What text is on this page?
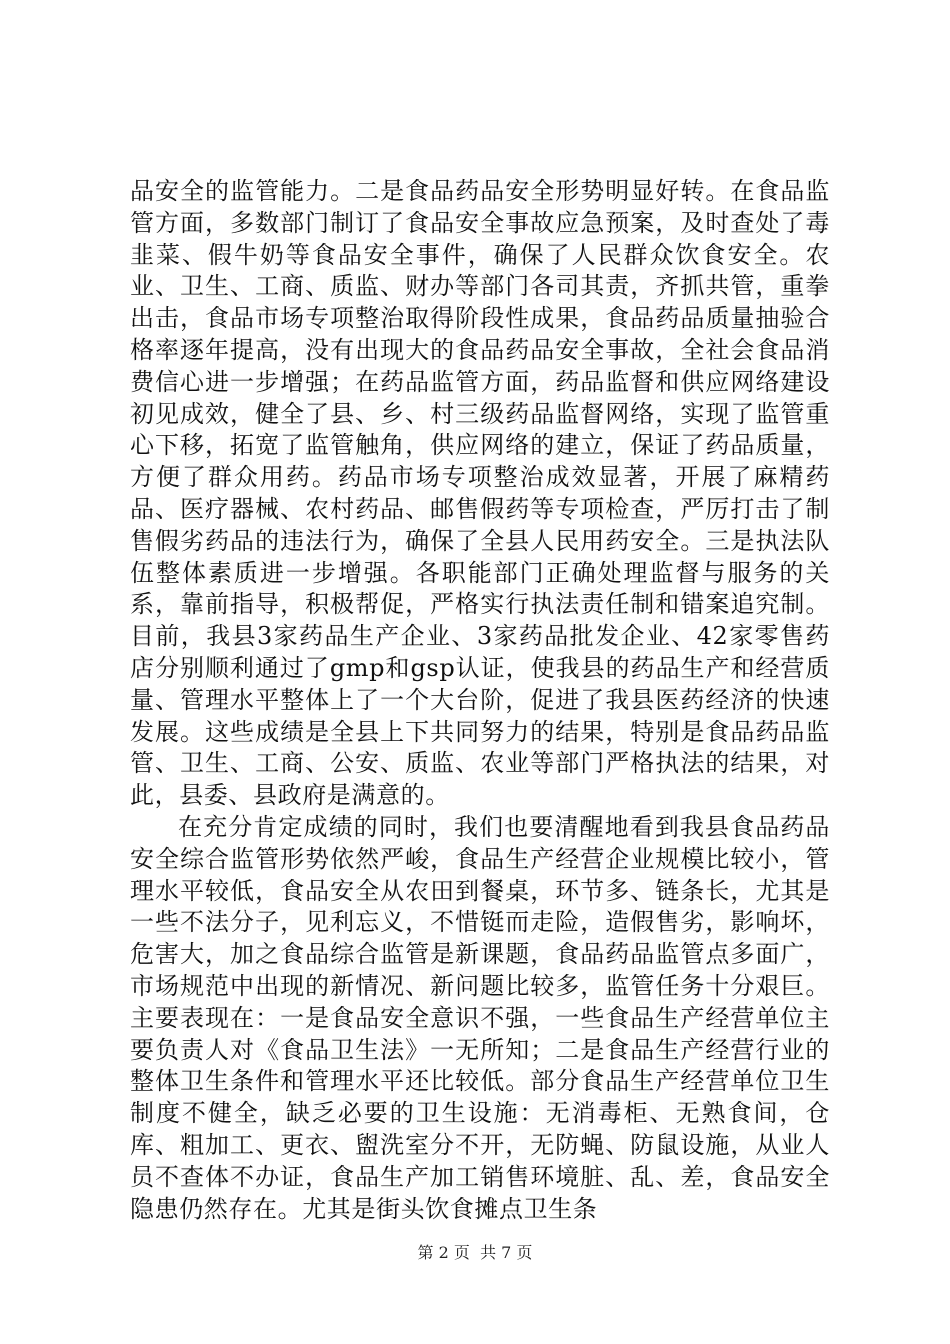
品安全的监管能力。二是食品药品安全形势明显好转。在食品监管方面，多数部门制订了食品安全事故应急预案，及时查处了毒韭菜、假牛奶等食品安全事件，确保了人民群众饮食安全。农业、卫生、工商、质监、财办等部门各司其责，齐抓共管，重拳出击，食品市场专项整治取得阶段性成果，食品药品质量抽验合格率逐年提高，没有出现大的食品药品安全事故，全社会食品消费信心进一步增强；在药品监管方面，药品监督和供应网络建设初见成效，健全了县、乡、村三级药品监督网络，实现了监管重心下移，拓宽了监管触角，供应网络的建立，保证了药品质量，方便了群众用药。药品市场专项整治成效显著，开展了麻精药品、医疗器械、农村药品、邮售假药等专项检查，严厉打击了制售假劣药品的违法行为，确保了全县人民用药安全。三是执法队伍整体素质进一步增强。各职能部门正确处理监督与服务的关系，靠前指导，积极帮促，严格实行执法责任制和错案追究制。目前，我县3家药品生产企业、3家药品批发企业、42家零售药店分别顺利通过了gmp和gsp认证，使我县的药品生产和经营质量、管理水平整体上了一个大台阶，促进了我县医药经济的快速发展。这些成绩是全县上下共同努力的结果，特别是食品药品监管、卫生、工商、公安、质监、农业等部门严格执法的结果，对此，县委、县政府是满意的。

在充分肯定成绩的同时，我们也要清醒地看到我县食品药品安全综合监管形势依然严峻，食品生产经营企业规模比较小，管理水平较低，食品安全从农田到餐桌，环节多、链条长，尤其是一些不法分子，见利忘义，不惜铤而走险，造假售劣，影响坏，危害大，加之食品综合监管是新课题，食品药品监管点多面广，市场规范中出现的新情况、新问题比较多，监管任务十分艰巨。主要表现在：一是食品安全意识不强，一些食品生产经营单位主要负责人对《食品卫生法》一无所知；二是食品生产经营行业的整体卫生条件和管理水平还比较低。部分食品生产经营单位卫生制度不健全，缺乏必要的卫生设施：无消毒柜、无熟食间，仓库、粗加工、更衣、盥洗室分不开，无防蝇、防鼠设施，从业人员不查体不办证，食品生产加工销售环境脏、乱、差，食品安全隐患仍然存在。尤其是街头饮食摊点卫生条

第 2 页  共 7 页
